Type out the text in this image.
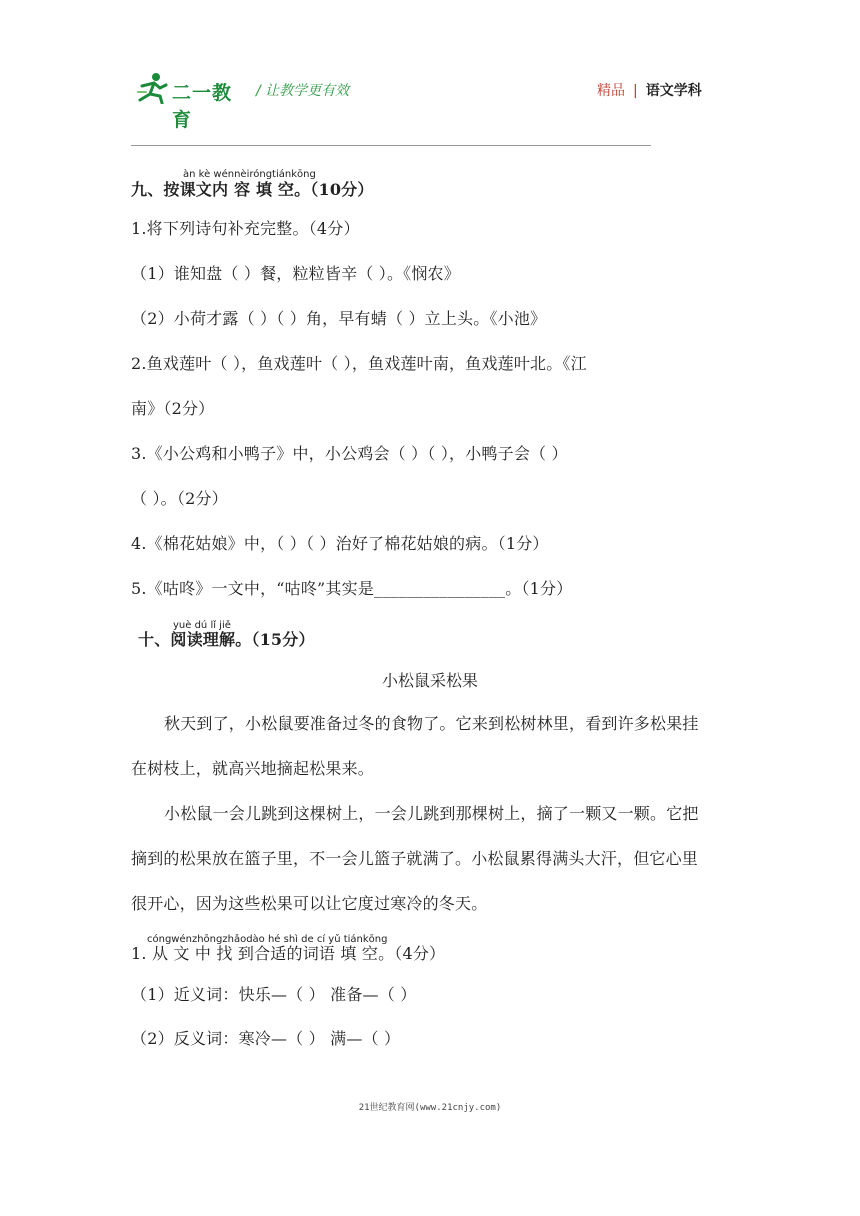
二一教育
/ 让教学更有效	精品 | 语文学科
àn kè wénnèiróngtiánkōng
九、按课文内 容 填 空。（10分）
1.将下列诗句补充完整。（4分）
（1）谁知盘（ ）餐，粒粒皆辛（ ）。《悯农》
（2）小荷才露（ ）（ ）角，早有蜻（ ）立上头。《小池》
2.鱼戏莲叶（ ），鱼戏莲叶（ ），鱼戏莲叶南，鱼戏莲叶北。《江
南》（2分）
3.《小公鸡和小鸭子》中，小公鸡会（ ）（ ），小鸭子会（ ）
（ ）。（2分）
4.《棉花姑娘》中，（ ）（ ）治好了棉花姑娘的病。（1分）
5.《咕咚》一文中，“咕咚”其实是________________。（1分）
yuè dú lǐ jiě
十、阅读理解。（15分）
小松鼠采松果
秋天到了，小松鼠要准备过冬的食物了。它来到松树林里，看到许多松果挂
在树枝上，就高兴地摘起松果来。
小松鼠一会儿跳到这棵树上，一会儿跳到那棵树上，摘了一颗又一颗。它把
摘到的松果放在篮子里，不一会儿篮子就满了。小松鼠累得满头大汗，但它心里
很开心，因为这些松果可以让它度过寒冷的冬天。
cóngwénzhōngzhǎodào hé shì de cí yǔ tiánkōng
1. 从 文 中 找 到合适的词语 填 空。（4分）
（1）近义词：快乐—（ ） 准备—（ ）
（2）反义词：寒冷—（ ） 满—（ ）
21世纪教育网(www.21cnjy.com)
